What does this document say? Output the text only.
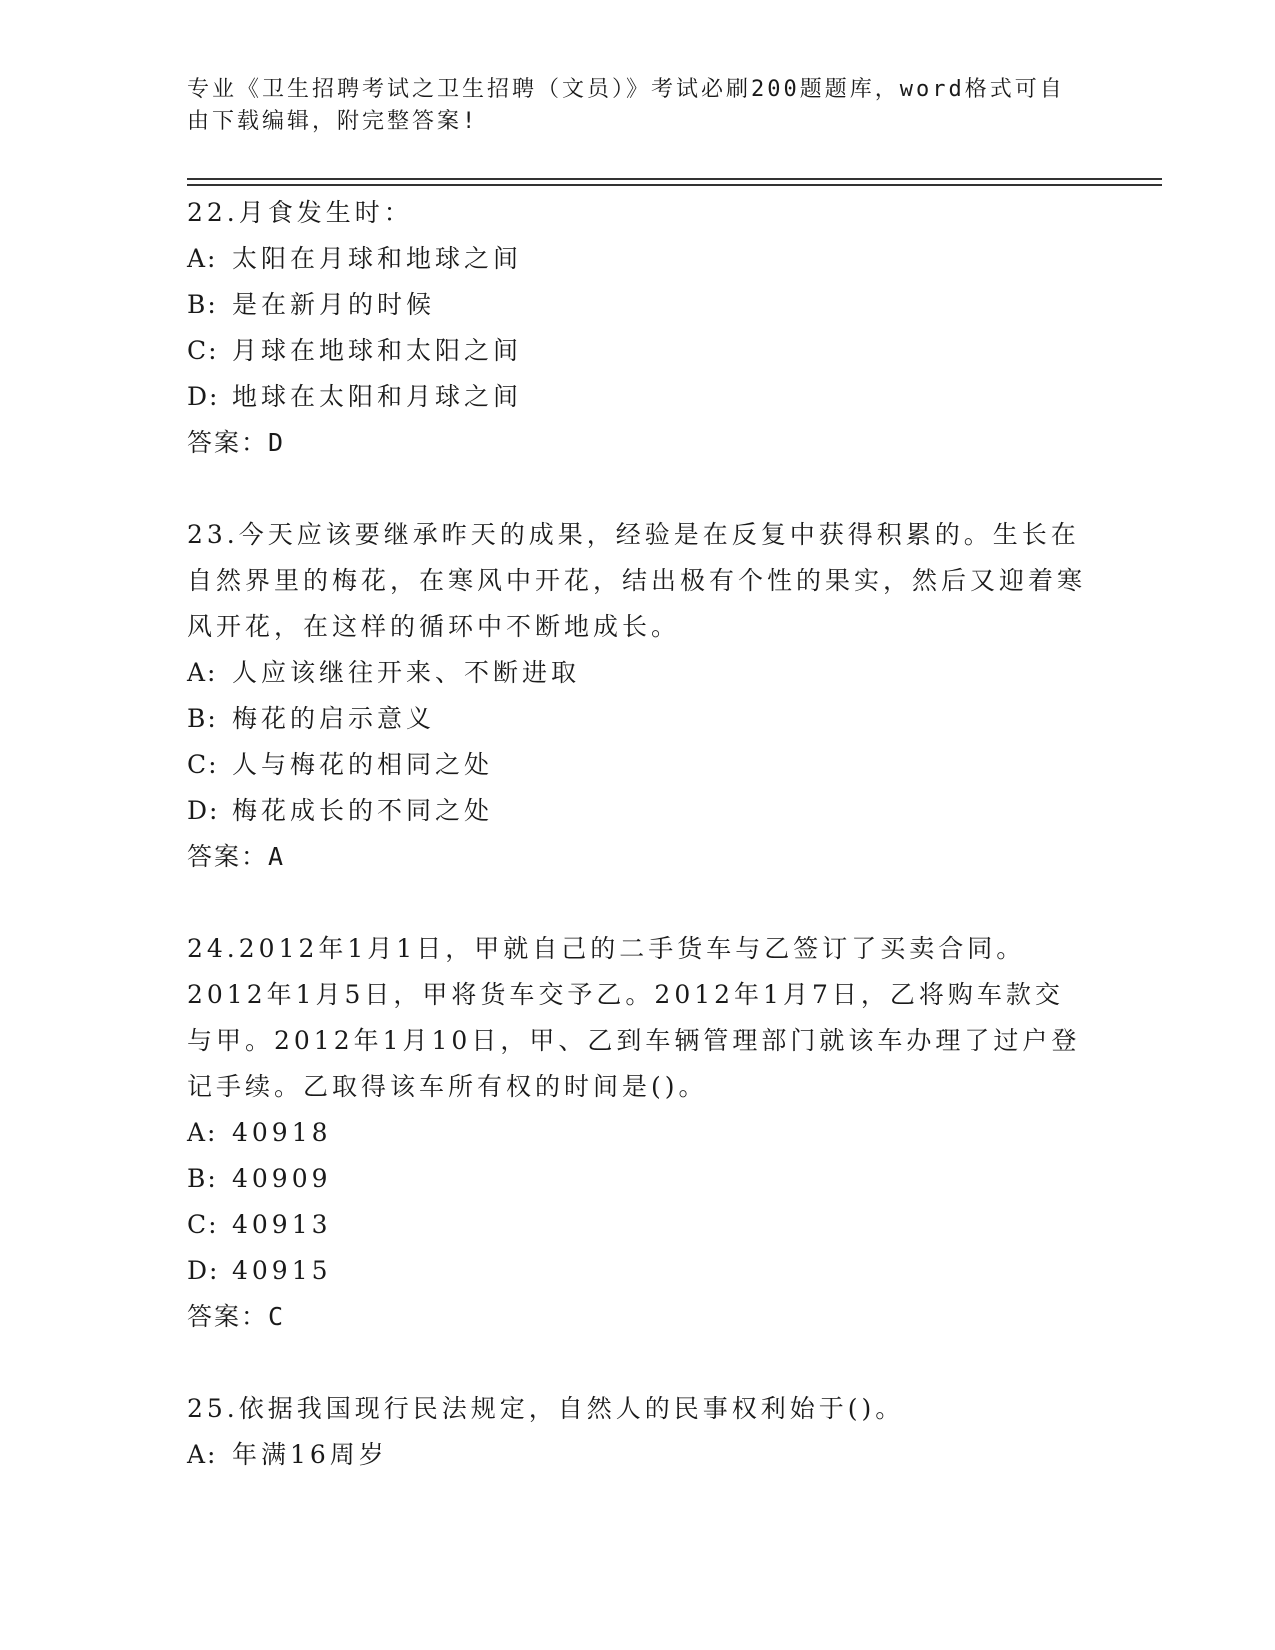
专业《卫生招聘考试之卫生招聘（文员）》考试必刷200题题库，word格式可自
由下载编辑，附完整答案!
22.月食发生时：
A: 太阳在月球和地球之间
B: 是在新月的时候
C: 月球在地球和太阳之间
D: 地球在太阳和月球之间
答案：D
23.今天应该要继承昨天的成果，经验是在反复中获得积累的。生长在自然界里的梅花，在寒风中开花，结出极有个性的果实，然后又迎着寒风开花，在这样的循环中不断地成长。
A: 人应该继往开来、不断进取
B: 梅花的启示意义
C: 人与梅花的相同之处
D: 梅花成长的不同之处
答案：A
24.2012年1月1日，甲就自己的二手货车与乙签订了买卖合同。2012年1月5日，甲将货车交予乙。2012年1月7日，乙将购车款交与甲。2012年1月10日，甲、乙到车辆管理部门就该车办理了过户登记手续。乙取得该车所有权的时间是()。
A: 40918
B: 40909
C: 40913
D: 40915
答案：C
25.依据我国现行民法规定，自然人的民事权利始于()。
A: 年满16周岁
